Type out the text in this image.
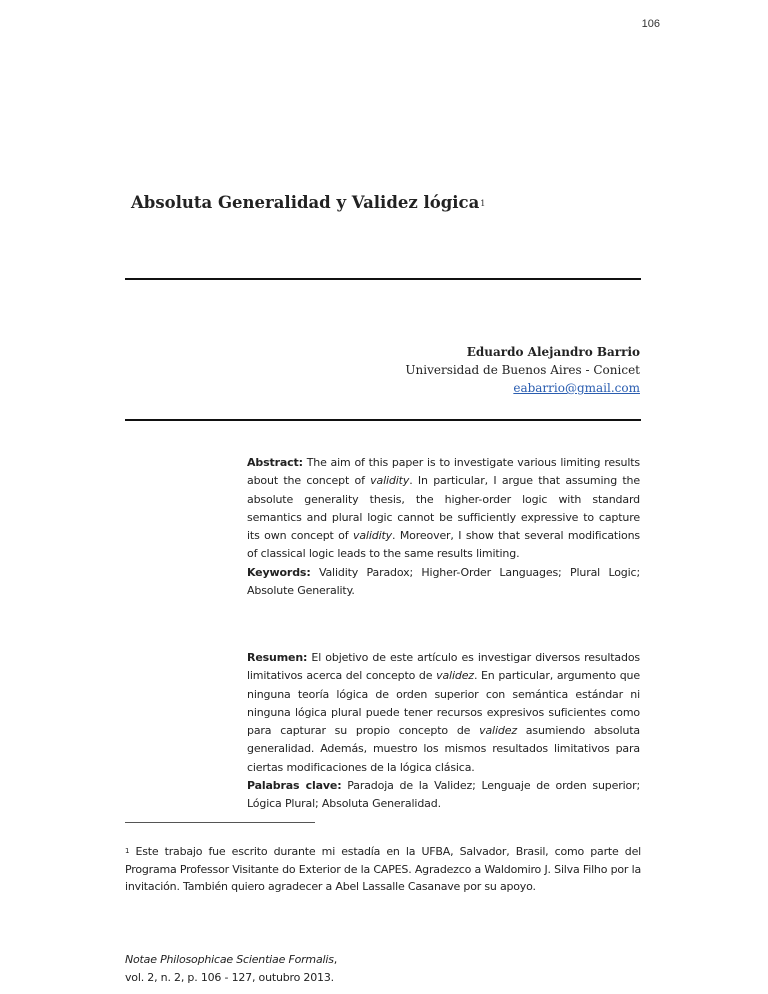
106
Absoluta Generalidad y Validez lógica$^1$
Eduardo Alejandro Barrio
Universidad de Buenos Aires - Conicet
eabarrio@gmail.com
Abstract: The aim of this paper is to investigate various limiting results about the concept of validity. In particular, I argue that assuming the absolute generality thesis, the higher-order logic with standard semantics and plural logic cannot be sufficiently expressive to capture its own concept of validity. Moreover, I show that several modifications of classical logic leads to the same results limiting.
Keywords: Validity Paradox; Higher-Order Languages; Plural Logic; Absolute Generality.
Resumen: El objetivo de este artículo es investigar diversos resultados limitativos acerca del concepto de validez. En particular, argumento que ninguna teoría lógica de orden superior con semántica estándar ni ninguna lógica plural puede tener recursos expresivos suficientes como para capturar su propio concepto de validez asumiendo absoluta generalidad. Además, muestro los mismos resultados limitativos para ciertas modificaciones de la lógica clásica.
Palabras clave: Paradoja de la Validez; Lenguaje de orden superior; Lógica Plural; Absoluta Generalidad.
$^1$ Este trabajo fue escrito durante mi estadía en la UFBA, Salvador, Brasil, como parte del Programa Professor Visitante do Exterior de la CAPES. Agradezco a Waldomiro J. Silva Filho por la invitación. También quiero agradecer a Abel Lassalle Casanave por su apoyo.
Notae Philosophicae Scientiae Formalis,
vol. 2, n. 2, p. 106 - 127, outubro 2013.
